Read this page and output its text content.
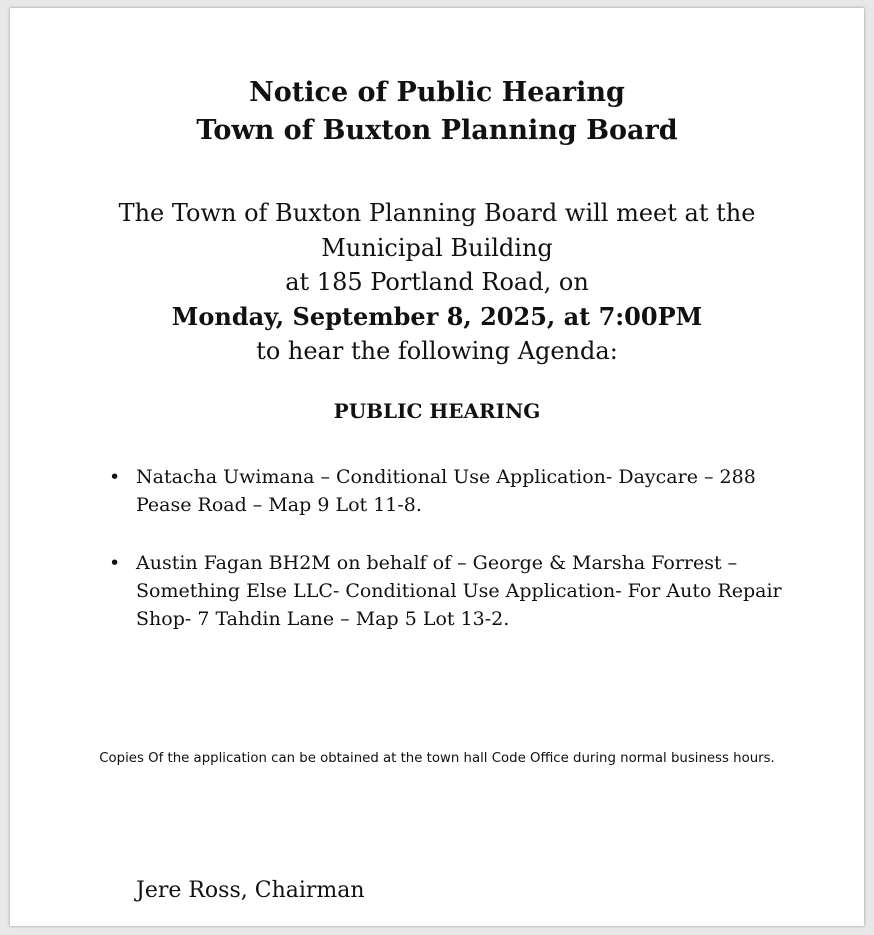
Notice of Public Hearing
Town of Buxton Planning Board
The Town of Buxton Planning Board will meet at the
Municipal Building
at 185 Portland Road, on
Monday, September 8, 2025, at 7:00PM
to hear the following Agenda:
PUBLIC HEARING
• Natacha Uwimana – Conditional Use Application- Daycare – 288
Pease Road – Map 9 Lot 11-8.
• Austin Fagan BH2M on behalf of – George & Marsha Forrest –
Something Else LLC- Conditional Use Application- For Auto Repair
Shop- 7 Tahdin Lane – Map 5 Lot 13-2.
Copies Of the application can be obtained at the town hall Code Office during normal business hours.
Jere Ross, Chairman
